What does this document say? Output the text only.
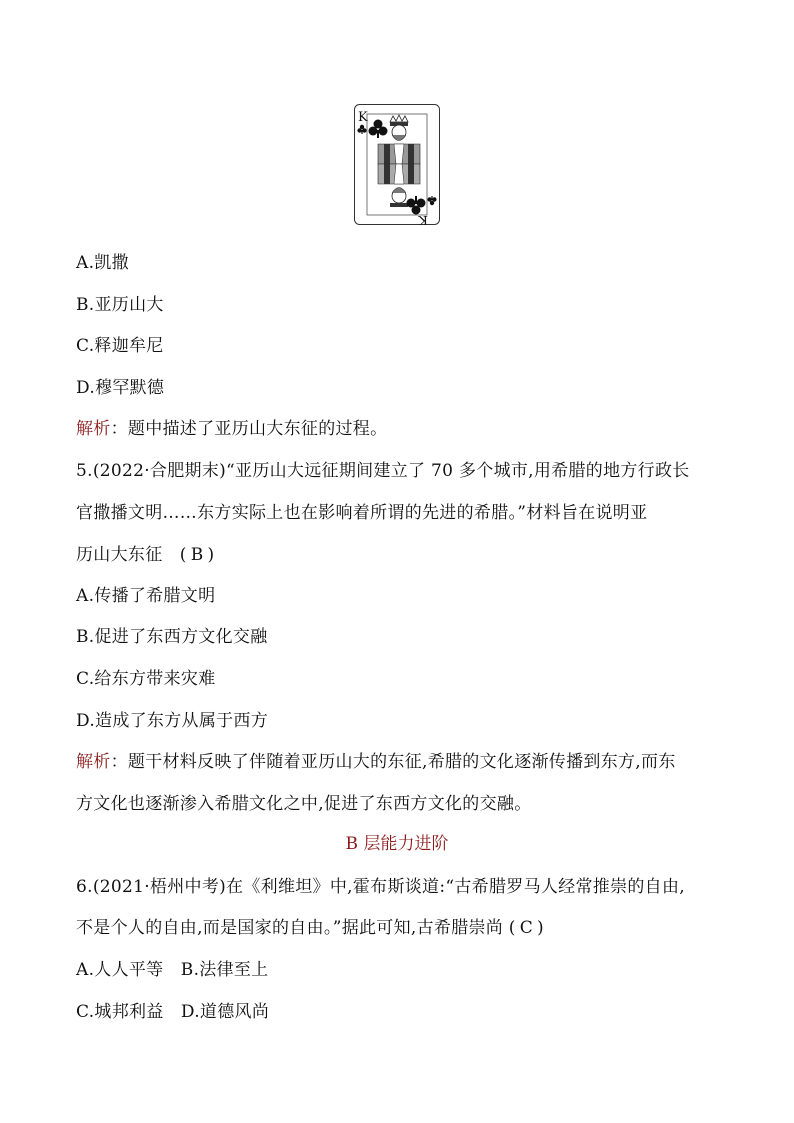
K
K
A.凯撒
B.亚历山大
C.释迦牟尼
D.穆罕默德
解析：题中描述了亚历山大东征的过程。
5.(2022·合肥期末)“亚历山大远征期间建立了 70 多个城市,用希腊的地方行政长
官撒播文明……东方实际上也在影响着所谓的先进的希腊。”材料旨在说明亚
历山大东征　( B )
A.传播了希腊文明
B.促进了东西方文化交融
C.给东方带来灾难
D.造成了东方从属于西方
解析：题干材料反映了伴随着亚历山大的东征,希腊的文化逐渐传播到东方,而东
方文化也逐渐渗入希腊文化之中,促进了东西方文化的交融。
B 层能力进阶
6.(2021·梧州中考)在《利维坦》中,霍布斯谈道:“古希腊罗马人经常推崇的自由,
不是个人的自由,而是国家的自由。”据此可知,古希腊崇尚 ( C )
A.人人平等　B.法律至上
C.城邦利益　D.道德风尚
